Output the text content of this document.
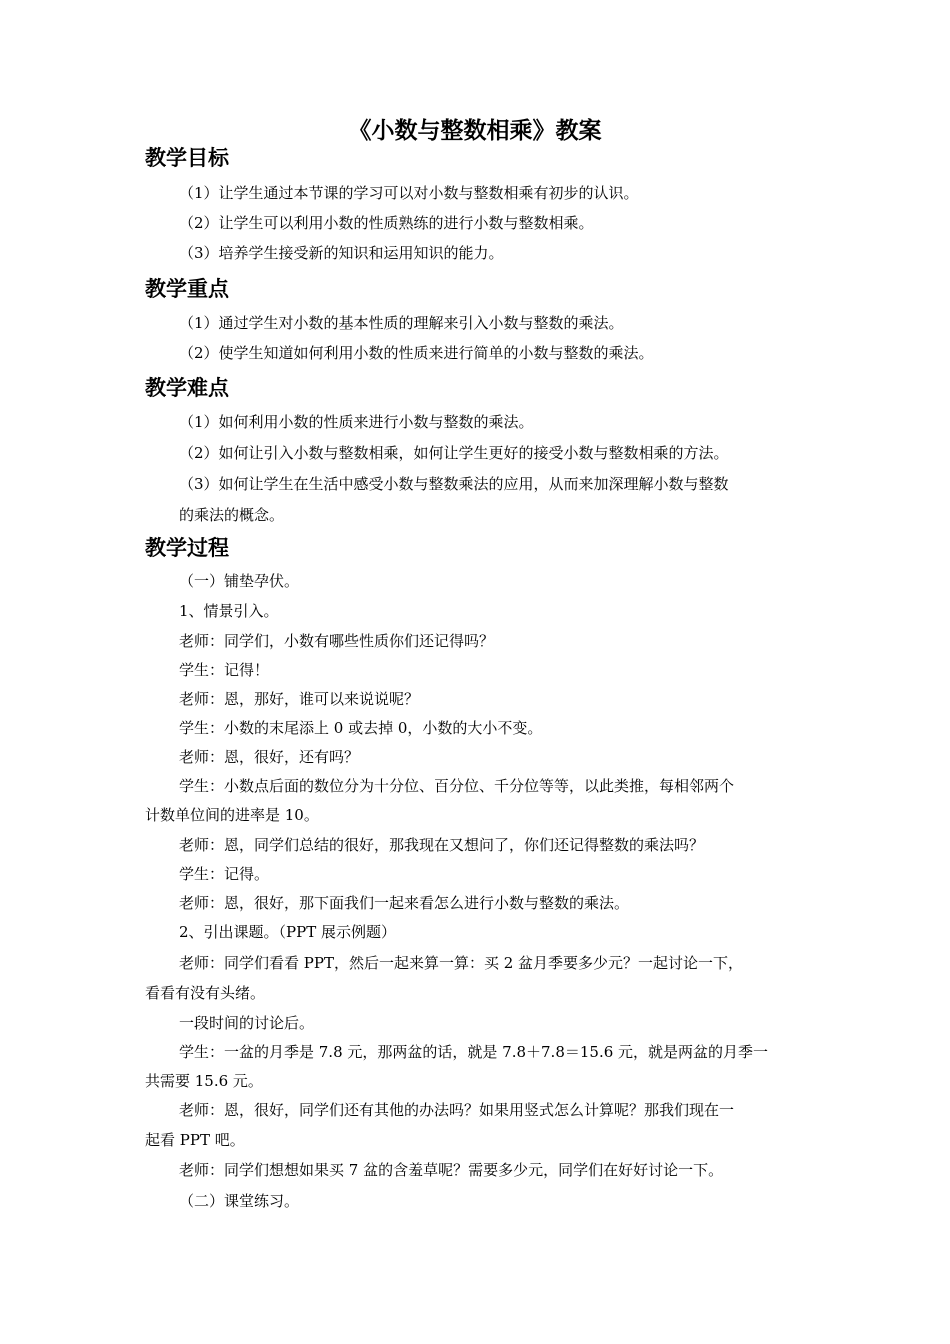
《小数与整数相乘》教案
教学目标
（1）让学生通过本节课的学习可以对小数与整数相乘有初步的认识。
（2）让学生可以利用小数的性质熟练的进行小数与整数相乘。
（3）培养学生接受新的知识和运用知识的能力。
教学重点
（1）通过学生对小数的基本性质的理解来引入小数与整数的乘法。
（2）使学生知道如何利用小数的性质来进行简单的小数与整数的乘法。
教学难点
（1）如何利用小数的性质来进行小数与整数的乘法。
（2）如何让引入小数与整数相乘，如何让学生更好的接受小数与整数相乘的方法。
（3）如何让学生在生活中感受小数与整数乘法的应用，从而来加深理解小数与整数
的乘法的概念。
教学过程
（一）铺垫孕伏。
1、情景引入。
老师：同学们，小数有哪些性质你们还记得吗？
学生：记得！
老师：恩，那好，谁可以来说说呢？
学生：小数的末尾添上 0 或去掉 0，小数的大小不变。
老师：恩，很好，还有吗？
学生：小数点后面的数位分为十分位、百分位、千分位等等，以此类推，每相邻两个
计数单位间的进率是 10。
老师：恩，同学们总结的很好，那我现在又想问了，你们还记得整数的乘法吗？
学生：记得。
老师：恩，很好，那下面我们一起来看怎么进行小数与整数的乘法。
2、引出课题。（PPT 展示例题）
老师：同学们看看 PPT，然后一起来算一算：买 2 盆月季要多少元？一起讨论一下，
看看有没有头绪。
一段时间的讨论后。
学生：一盆的月季是 7.8 元，那两盆的话，就是 7.8＋7.8＝15.6 元，就是两盆的月季一
共需要 15.6 元。
老师：恩，很好，同学们还有其他的办法吗？如果用竖式怎么计算呢？那我们现在一
起看 PPT 吧。
老师：同学们想想如果买 7 盆的含羞草呢？需要多少元，同学们在好好讨论一下。
（二）课堂练习。
